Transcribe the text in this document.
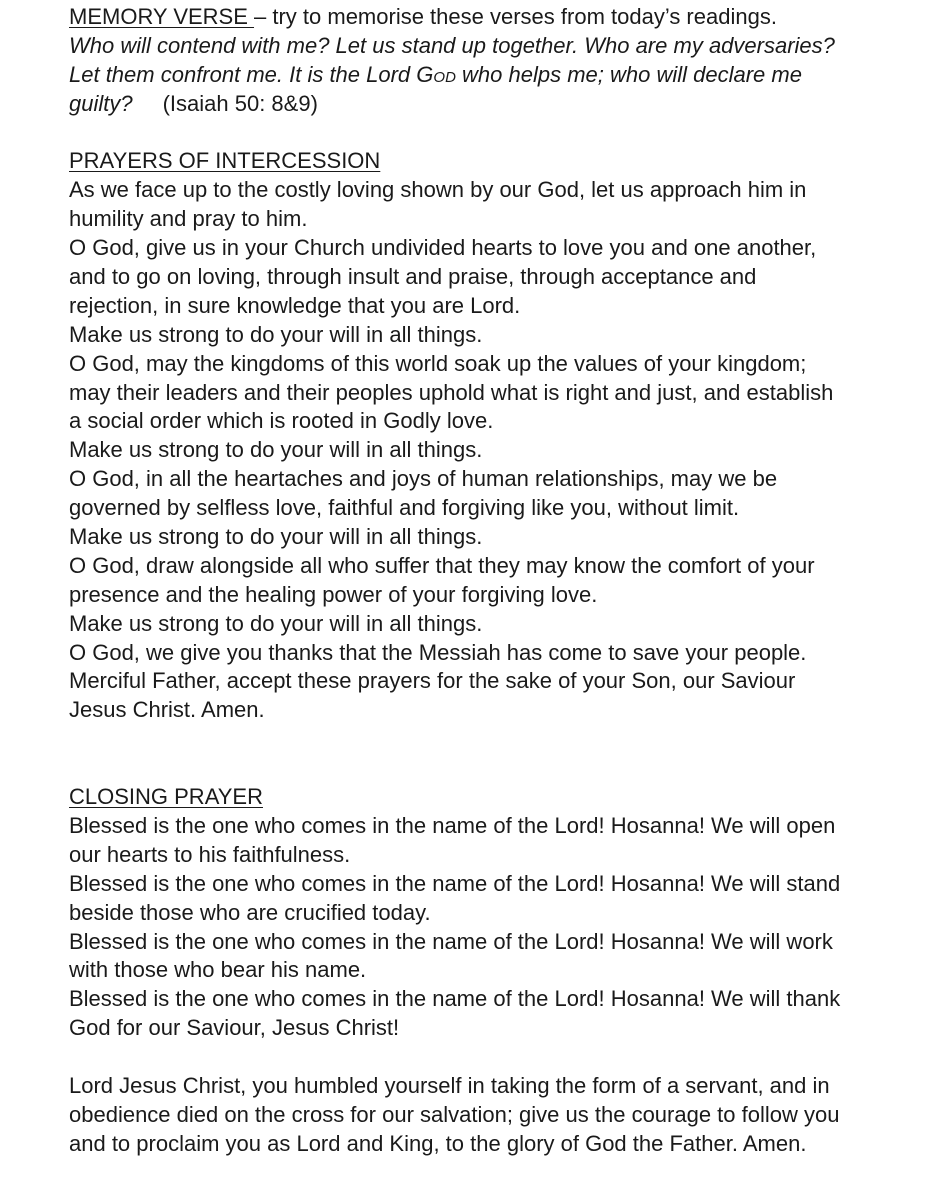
MEMORY VERSE – try to memorise these verses from today’s readings.
Who will contend with me? Let us stand up together. Who are my adversaries?
Let them confront me. It is the Lord God who helps me; who will declare me
guilty? (Isaiah 50: 8&9)
PRAYERS OF INTERCESSION
As we face up to the costly loving shown by our God, let us approach him in
humility and pray to him.
O God, give us in your Church undivided hearts to love you and one another,
and to go on loving, through insult and praise, through acceptance and
rejection, in sure knowledge that you are Lord.
Make us strong to do your will in all things.
O God, may the kingdoms of this world soak up the values of your kingdom;
may their leaders and their peoples uphold what is right and just, and establish
a social order which is rooted in Godly love.
Make us strong to do your will in all things.
O God, in all the heartaches and joys of human relationships, may we be
governed by selfless love, faithful and forgiving like you, without limit.
Make us strong to do your will in all things.
O God, draw alongside all who suffer that they may know the comfort of your
presence and the healing power of your forgiving love.
Make us strong to do your will in all things.
O God, we give you thanks that the Messiah has come to save your people.
Merciful Father, accept these prayers for the sake of your Son, our Saviour
Jesus Christ. Amen.
CLOSING PRAYER
Blessed is the one who comes in the name of the Lord! Hosanna! We will open
our hearts to his faithfulness.
Blessed is the one who comes in the name of the Lord! Hosanna! We will stand
beside those who are crucified today.
Blessed is the one who comes in the name of the Lord! Hosanna! We will work
with those who bear his name.
Blessed is the one who comes in the name of the Lord! Hosanna! We will thank
God for our Saviour, Jesus Christ!
Lord Jesus Christ, you humbled yourself in taking the form of a servant, and in
obedience died on the cross for our salvation; give us the courage to follow you
and to proclaim you as Lord and King, to the glory of God the Father. Amen.
